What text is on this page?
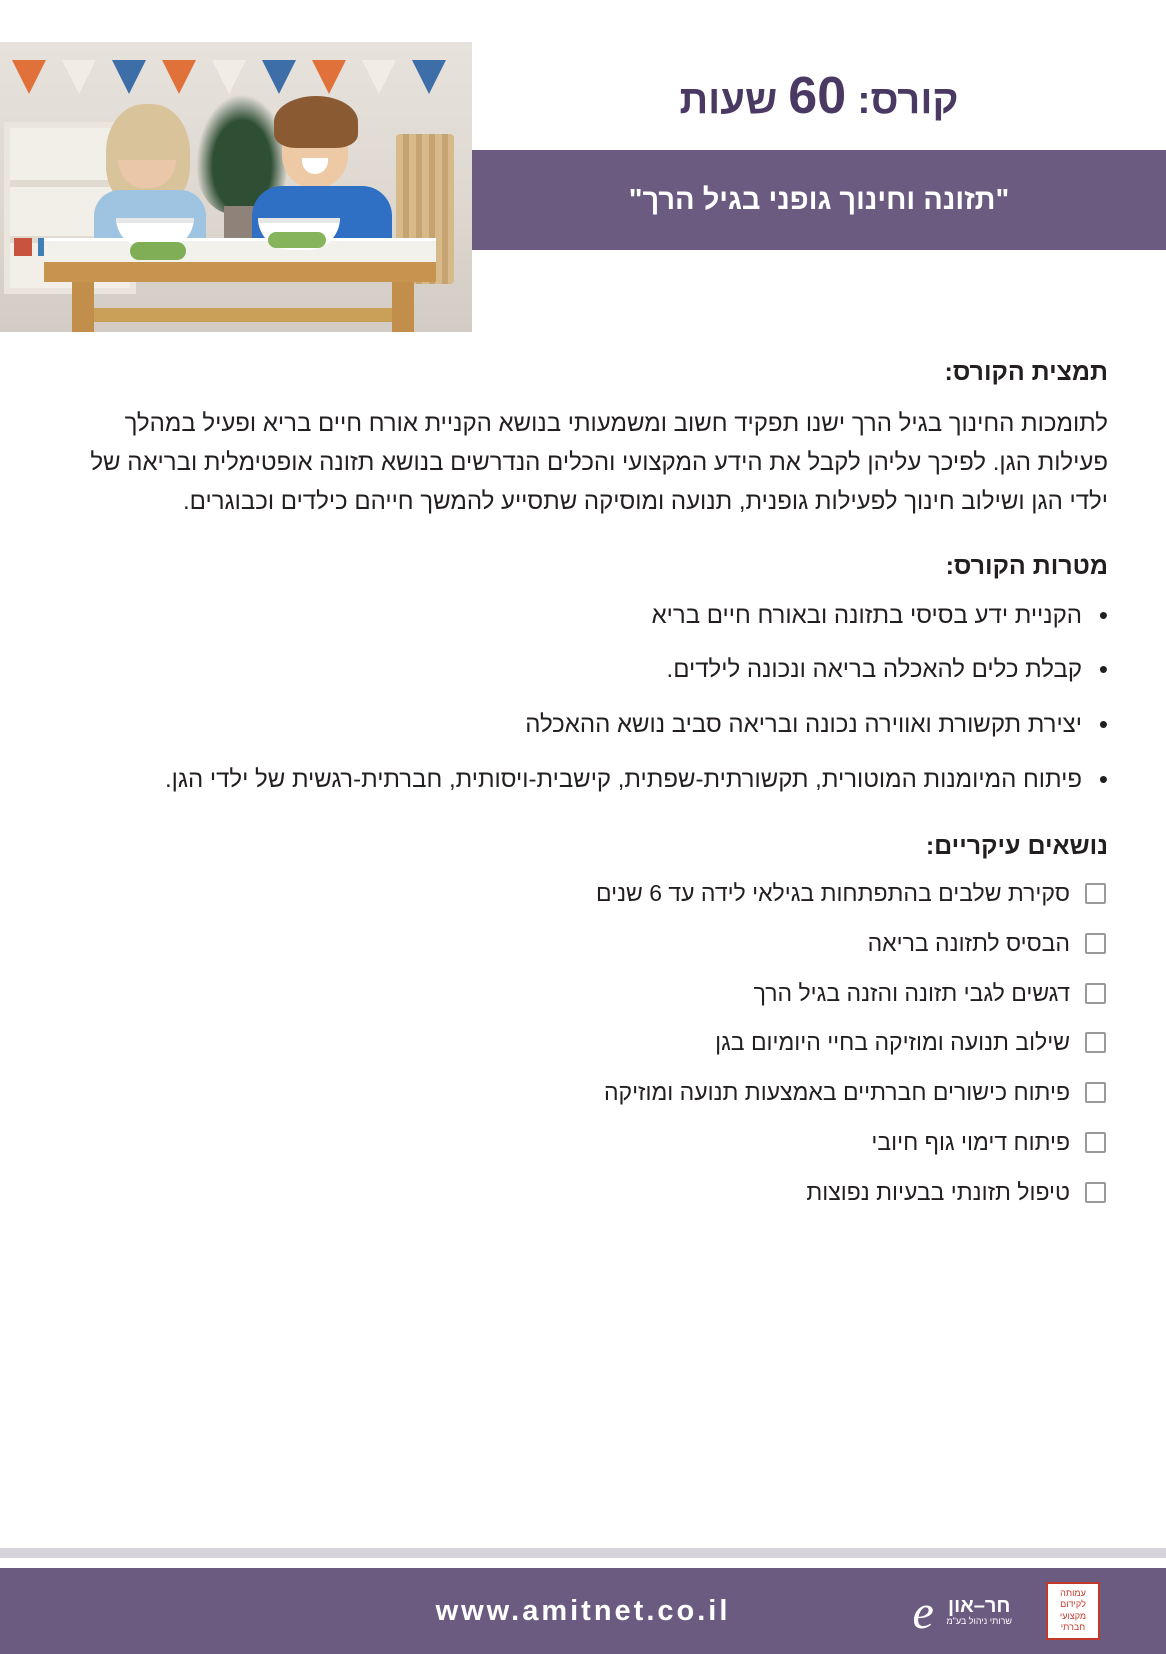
קורס: 60 שעות
"תזונה וחינוך גופני בגיל הרך"
תמצית הקורס:

לתומכות החינוך בגיל הרך ישנו תפקיד חשוב ומשמעותי בנושא הקניית אורח חיים בריא ופעיל במהלך פעילות הגן. לפיכך עליהן לקבל את הידע המקצועי והכלים הנדרשים בנושא תזונה אופטימלית ובריאה של ילדי הגן ושילוב חינוך לפעילות גופנית, תנועה ומוסיקה שתסייע להמשך חייהם כילדים וכבוגרים.

מטרות הקורס:
• הקניית ידע בסיסי בתזונה ובאורח חיים בריא
• קבלת כלים להאכלה בריאה ונכונה לילדים.
• יצירת תקשורת ואווירה נכונה ובריאה סביב נושא ההאכלה
• פיתוח המיומנות המוטורית, תקשורתית-שפתית, קישבית-ויסותית, חברתית-רגשית של ילדי הגן.
נושאים עיקריים:
סקירת שלבים בהתפתחות בגילאי לידה עד 6 שנים
הבסיס לתזונה בריאה
דגשים לגבי תזונה והזנה בגיל הרך
שילוב תנועה ומוזיקה בחיי היומיום בגן
פיתוח כישורים חברתיים באמצעות תנועה ומוזיקה
פיתוח דימוי גוף חיובי
טיפול תזונתי בבעיות נפוצות
עמותה לקידום מקצועי חברתי
e חר–און
שרותי ניהול בע"מ
www.amitnet.co.il
